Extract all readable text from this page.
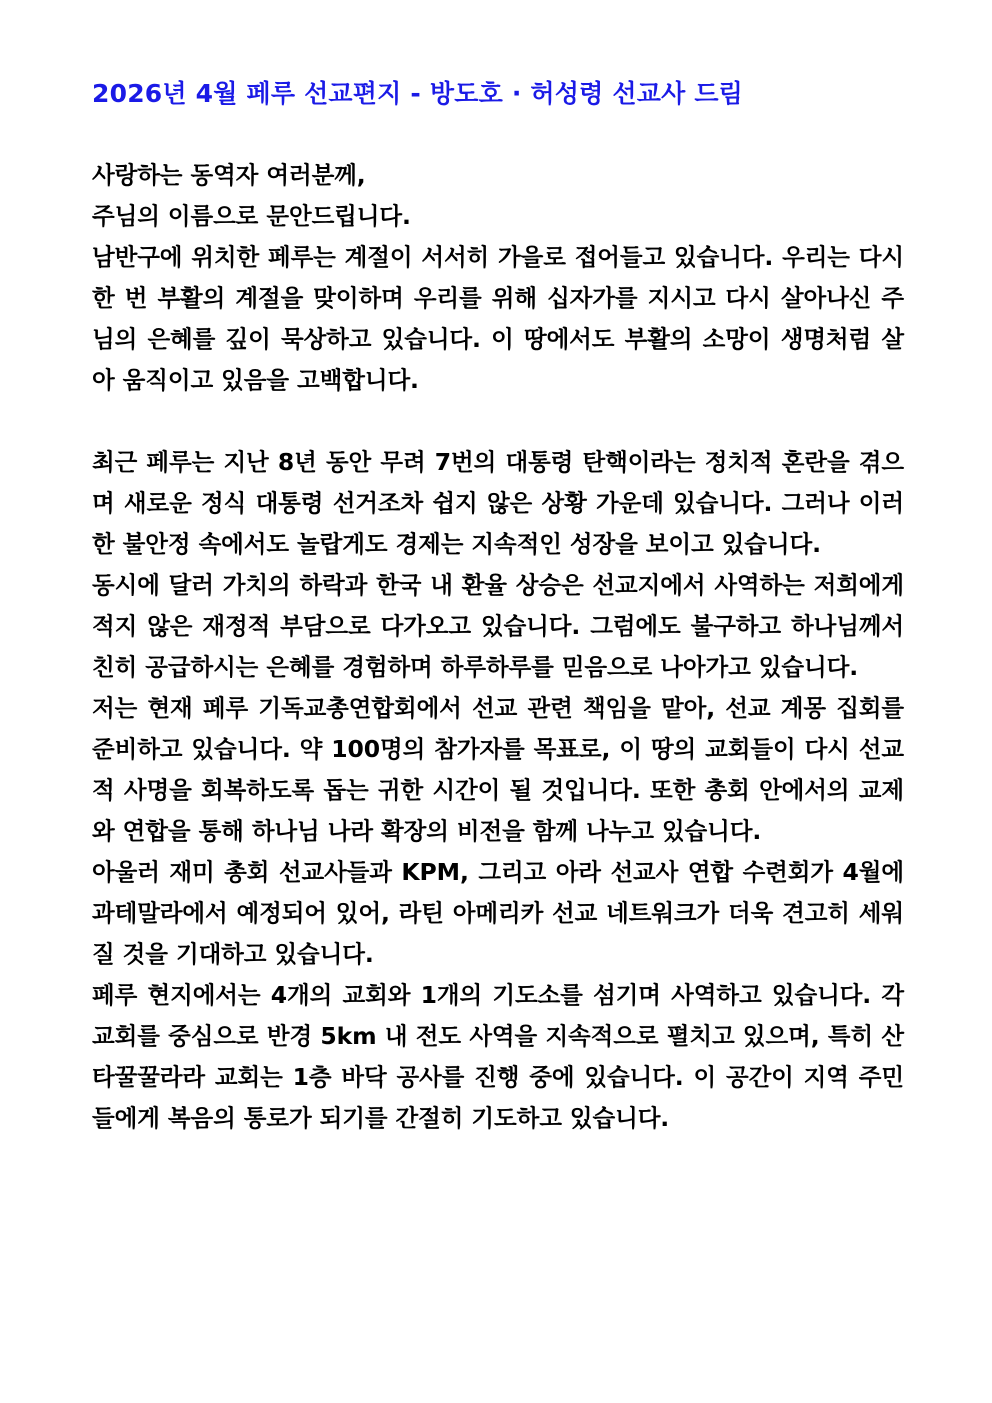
2026년 4월 페루 선교편지 - 방도호 · 허성령 선교사 드림

사랑하는 동역자 여러분께,
주님의 이름으로 문안드립니다.

남반구에 위치한 페루는 계절이 서서히 가을로 접어들고 있습니다. 우리는 다시 한 번 부활의 계절을 맞이하며 우리를 위해 십자가를 지시고 다시 살아나신 주님의 은혜를 깊이 묵상하고 있습니다. 이 땅에서도 부활의 소망이 생명처럼 살아 움직이고 있음을 고백합니다.

최근 페루는 지난 8년 동안 무려 7번의 대통령 탄핵이라는 정치적 혼란을 겪으며 새로운 정식 대통령 선거조차 쉽지 않은 상황 가운데 있습니다. 그러나 이러한 불안정 속에서도 놀랍게도 경제는 지속적인 성장을 보이고 있습니다.

동시에 달러 가치의 하락과 한국 내 환율 상승은 선교지에서 사역하는 저희에게 적지 않은 재정적 부담으로 다가오고 있습니다. 그럼에도 불구하고 하나님께서 친히 공급하시는 은혜를 경험하며 하루하루를 믿음으로 나아가고 있습니다.

저는 현재 페루 기독교총연합회에서 선교 관련 책임을 맡아, 선교 계몽 집회를 준비하고 있습니다. 약 100명의 참가자를 목표로, 이 땅의 교회들이 다시 선교적 사명을 회복하도록 돕는 귀한 시간이 될 것입니다. 또한 총회 안에서의 교제와 연합을 통해 하나님 나라 확장의 비전을 함께 나누고 있습니다.

아울러 재미 총회 선교사들과 KPM, 그리고 아라 선교사 연합 수련회가 4월에 과테말라에서 예정되어 있어, 라틴 아메리카 선교 네트워크가 더욱 견고히 세워질 것을 기대하고 있습니다.

페루 현지에서는 4개의 교회와 1개의 기도소를 섬기며 사역하고 있습니다. 각 교회를 중심으로 반경 5km 내 전도 사역을 지속적으로 펼치고 있으며, 특히 산타꿀꿀라라 교회는 1층 바닥 공사를 진행 중에 있습니다. 이 공간이 지역 주민들에게 복음의 통로가 되기를 간절히 기도하고 있습니다.
